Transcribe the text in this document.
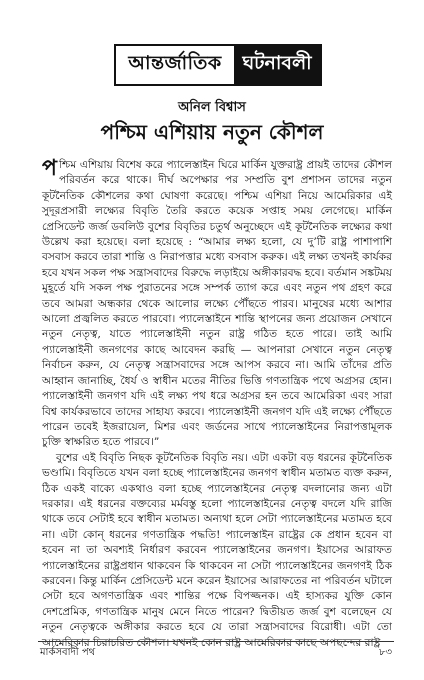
আন্তর্জাতিক	ঘটনাবলী
অনিল বিশ্বাস
পশ্চিম এশিয়ায় নতুন কৌশল

পশ্চিম এশিয়ায় বিশেষ করে প্যালেস্তাইন ঘিরে মার্কিন যুক্তরাষ্ট্র প্রায়ই তাদের কৌশল পরিবর্তন করে থাকে। দীর্ঘ অপেক্ষার পর সম্প্রতি বুশ প্রশাসন তাদের নতুন কূটনৈতিক কৌশলের কথা ঘোষণা করেছে। পশ্চিম এশিয়া নিয়ে আমেরিকার এই সুদূরপ্রসারী লক্ষ্যের বিবৃতি তৈরি করতে কয়েক সপ্তাহ সময় লেগেছে। মার্কিন প্রেসিডেন্ট জর্জ ডবলিউ বুশের বিবৃতির চতুর্থ অনুচ্ছেদে এই কূটনৈতিক লক্ষ্যের কথা উল্লেখ করা হয়েছে। বলা হয়েছে : “আমার লক্ষ্য হলো, যে দু’টি রাষ্ট্র পাশাপাশি বসবাস করবে তারা শান্তি ও নিরাপত্তার মধ্যে বসবাস করুক। এই লক্ষ্য তখনই কার্যকর হবে যখন সকল পক্ষ সন্ত্রাসবাদের বিরুদ্ধে লড়াইয়ে অঙ্গীকারবদ্ধ হবে। বর্তমান সঙ্কটময় মুহূর্তে যদি সকল পক্ষ পুরাতনের সঙ্গে সম্পর্ক ত্যাগ করে এবং নতুন পথ গ্রহণ করে তবে আমরা অন্ধকার থেকে আলোর লক্ষ্যে পৌঁছতে পারব। মানুষের মধ্যে আশার আলো প্রজ্বলিত করতে পারবো। প্যালেস্তাইনে শান্তি স্থাপনের জন্য প্রয়োজন সেখানে নতুন নেতৃত্ব, যাতে প্যালেস্তাইনী নতুন রাষ্ট্র গঠিত হতে পারে। তাই আমি প্যালেস্তাইনী জনগণের কাছে আবেদন করছি — আপনারা সেখানে নতুন নেতৃত্ব নির্বাচন করুন, যে নেতৃত্ব সন্ত্রাসবাদের সঙ্গে আপস করবে না। আমি তাঁদের প্রতি আহ্বান জানাচ্ছি, ধৈর্য ও স্বাধীন মতের নীতির ভিত্তি গণতান্ত্রিক পথে অগ্রসর হোন। প্যালেস্তাইনী জনগণ যদি এই লক্ষ্য পথ ধরে অগ্রসর হন তবে আমেরিকা এবং সারা বিশ্ব কার্যকরভাবে তাদের সাহায্য করবে। প্যালেস্তাইনী জনগণ যদি এই লক্ষ্যে পৌঁছতে পারেন তবেই ইজরায়েল, মিশর এবং জর্ডনের সাথে প্যালেস্তাইনের নিরাপত্তামূলক চুক্তি স্বাক্ষরিত হতে পারবে।”

বুশের এই বিবৃতি নিছক কূটনৈতিক বিবৃতি নয়। এটা একটা বড় ধরনের কূটনৈতিক ভণ্ডামি। বিবৃতিতে যখন বলা হচ্ছে প্যালেস্তাইনের জনগণ স্বাধীন মতামত ব্যক্ত করুন, ঠিক একই বাক্যে একথাও বলা হচ্ছে প্যালেস্তাইনের নেতৃত্ব বদলানোর জন্য এটা দরকার। এই ধরনের বক্তব্যের মর্মবস্তু হলো প্যালেস্তাইনের নেতৃত্ব বদলে যদি রাজি থাকে তবে সেটাই হবে স্বাধীন মতামত। অন্যথা হলে সেটা প্যালেস্তাইনের মতামত হবে না। এটা কোন্ ধরনের গণতান্ত্রিক পদ্ধতি! প্যালেস্তাইন রাষ্ট্রের কে প্রধান হবেন বা হবেন না তা অবশ্যই নির্ধারণ করবেন প্যালেস্তাইনের জনগণ। ইয়াসের আরাফত প্যালেস্তাইনের রাষ্ট্রপ্রধান থাকবেন কি থাকবেন না সেটা প্যালেস্তাইনের জনগণই ঠিক করবেন। কিন্তু মার্কিন প্রেসিডেন্ট মনে করেন ইয়াসের আরাফতের না পরিবর্তন ঘটালে সেটা হবে অগণতান্ত্রিক এবং শান্তির পক্ষে বিপজ্জনক। এই হাস্যকর যুক্তি কোন দেশপ্রেমিক, গণতান্ত্রিক মানুষ মেনে নিতে পারেন? দ্বিতীয়ত জর্জ বুশ বলেছেন যে নতুন নেতৃত্বকে অঙ্গীকার করতে হবে যে তারা সন্ত্রাসবাদের বিরোধী। এটা তো আমেরিকার চিরাচরিত কৌশল। যখনই কোন রাষ্ট্র আমেরিকার কাছে অপছন্দের রাষ্ট্র

মার্কসবাদী পথ	৮৩
